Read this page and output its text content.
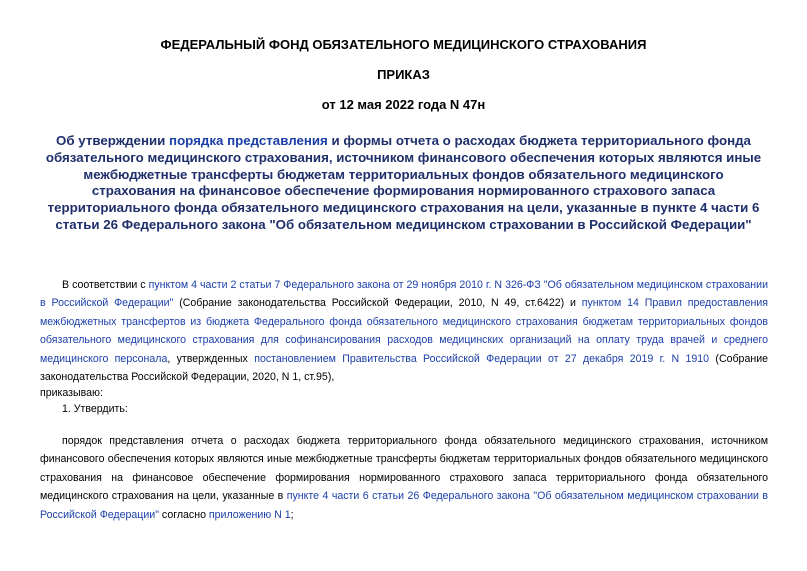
ФЕДЕРАЛЬНЫЙ ФОНД ОБЯЗАТЕЛЬНОГО МЕДИЦИНСКОГО СТРАХОВАНИЯ
ПРИКАЗ
от 12 мая 2022 года N 47н
Об утверждении порядка представления и формы отчета о расходах бюджета территориального фонда обязательного медицинского страхования, источником финансового обеспечения которых являются иные межбюджетные трансферты бюджетам территориальных фондов обязательного медицинского страхования на финансовое обеспечение формирования нормированного страхового запаса территориального фонда обязательного медицинского страхования на цели, указанные в пункте 4 части 6 статьи 26 Федерального закона "Об обязательном медицинском страховании в Российской Федерации"
В соответствии с пунктом 4 части 2 статьи 7 Федерального закона от 29 ноября 2010 г. N 326-ФЗ "Об обязательном медицинском страховании в Российской Федерации" (Собрание законодательства Российской Федерации, 2010, N 49, ст.6422) и пунктом 14 Правил предоставления межбюджетных трансфертов из бюджета Федерального фонда обязательного медицинского страхования бюджетам территориальных фондов обязательного медицинского страхования для софинансирования расходов медицинских организаций на оплату труда врачей и среднего медицинского персонала, утвержденных постановлением Правительства Российской Федерации от 27 декабря 2019 г. N 1910 (Собрание законодательства Российской Федерации, 2020, N 1, ст.95),
приказываю:
1. Утвердить:
порядок представления отчета о расходах бюджета территориального фонда обязательного медицинского страхования, источником финансового обеспечения которых являются иные межбюджетные трансферты бюджетам территориальных фондов обязательного медицинского страхования на финансовое обеспечение формирования нормированного страхового запаса территориального фонда обязательного медицинского страхования на цели, указанные в пункте 4 части 6 статьи 26 Федерального закона "Об обязательном медицинском страховании в Российской Федерации" согласно приложению N 1;
